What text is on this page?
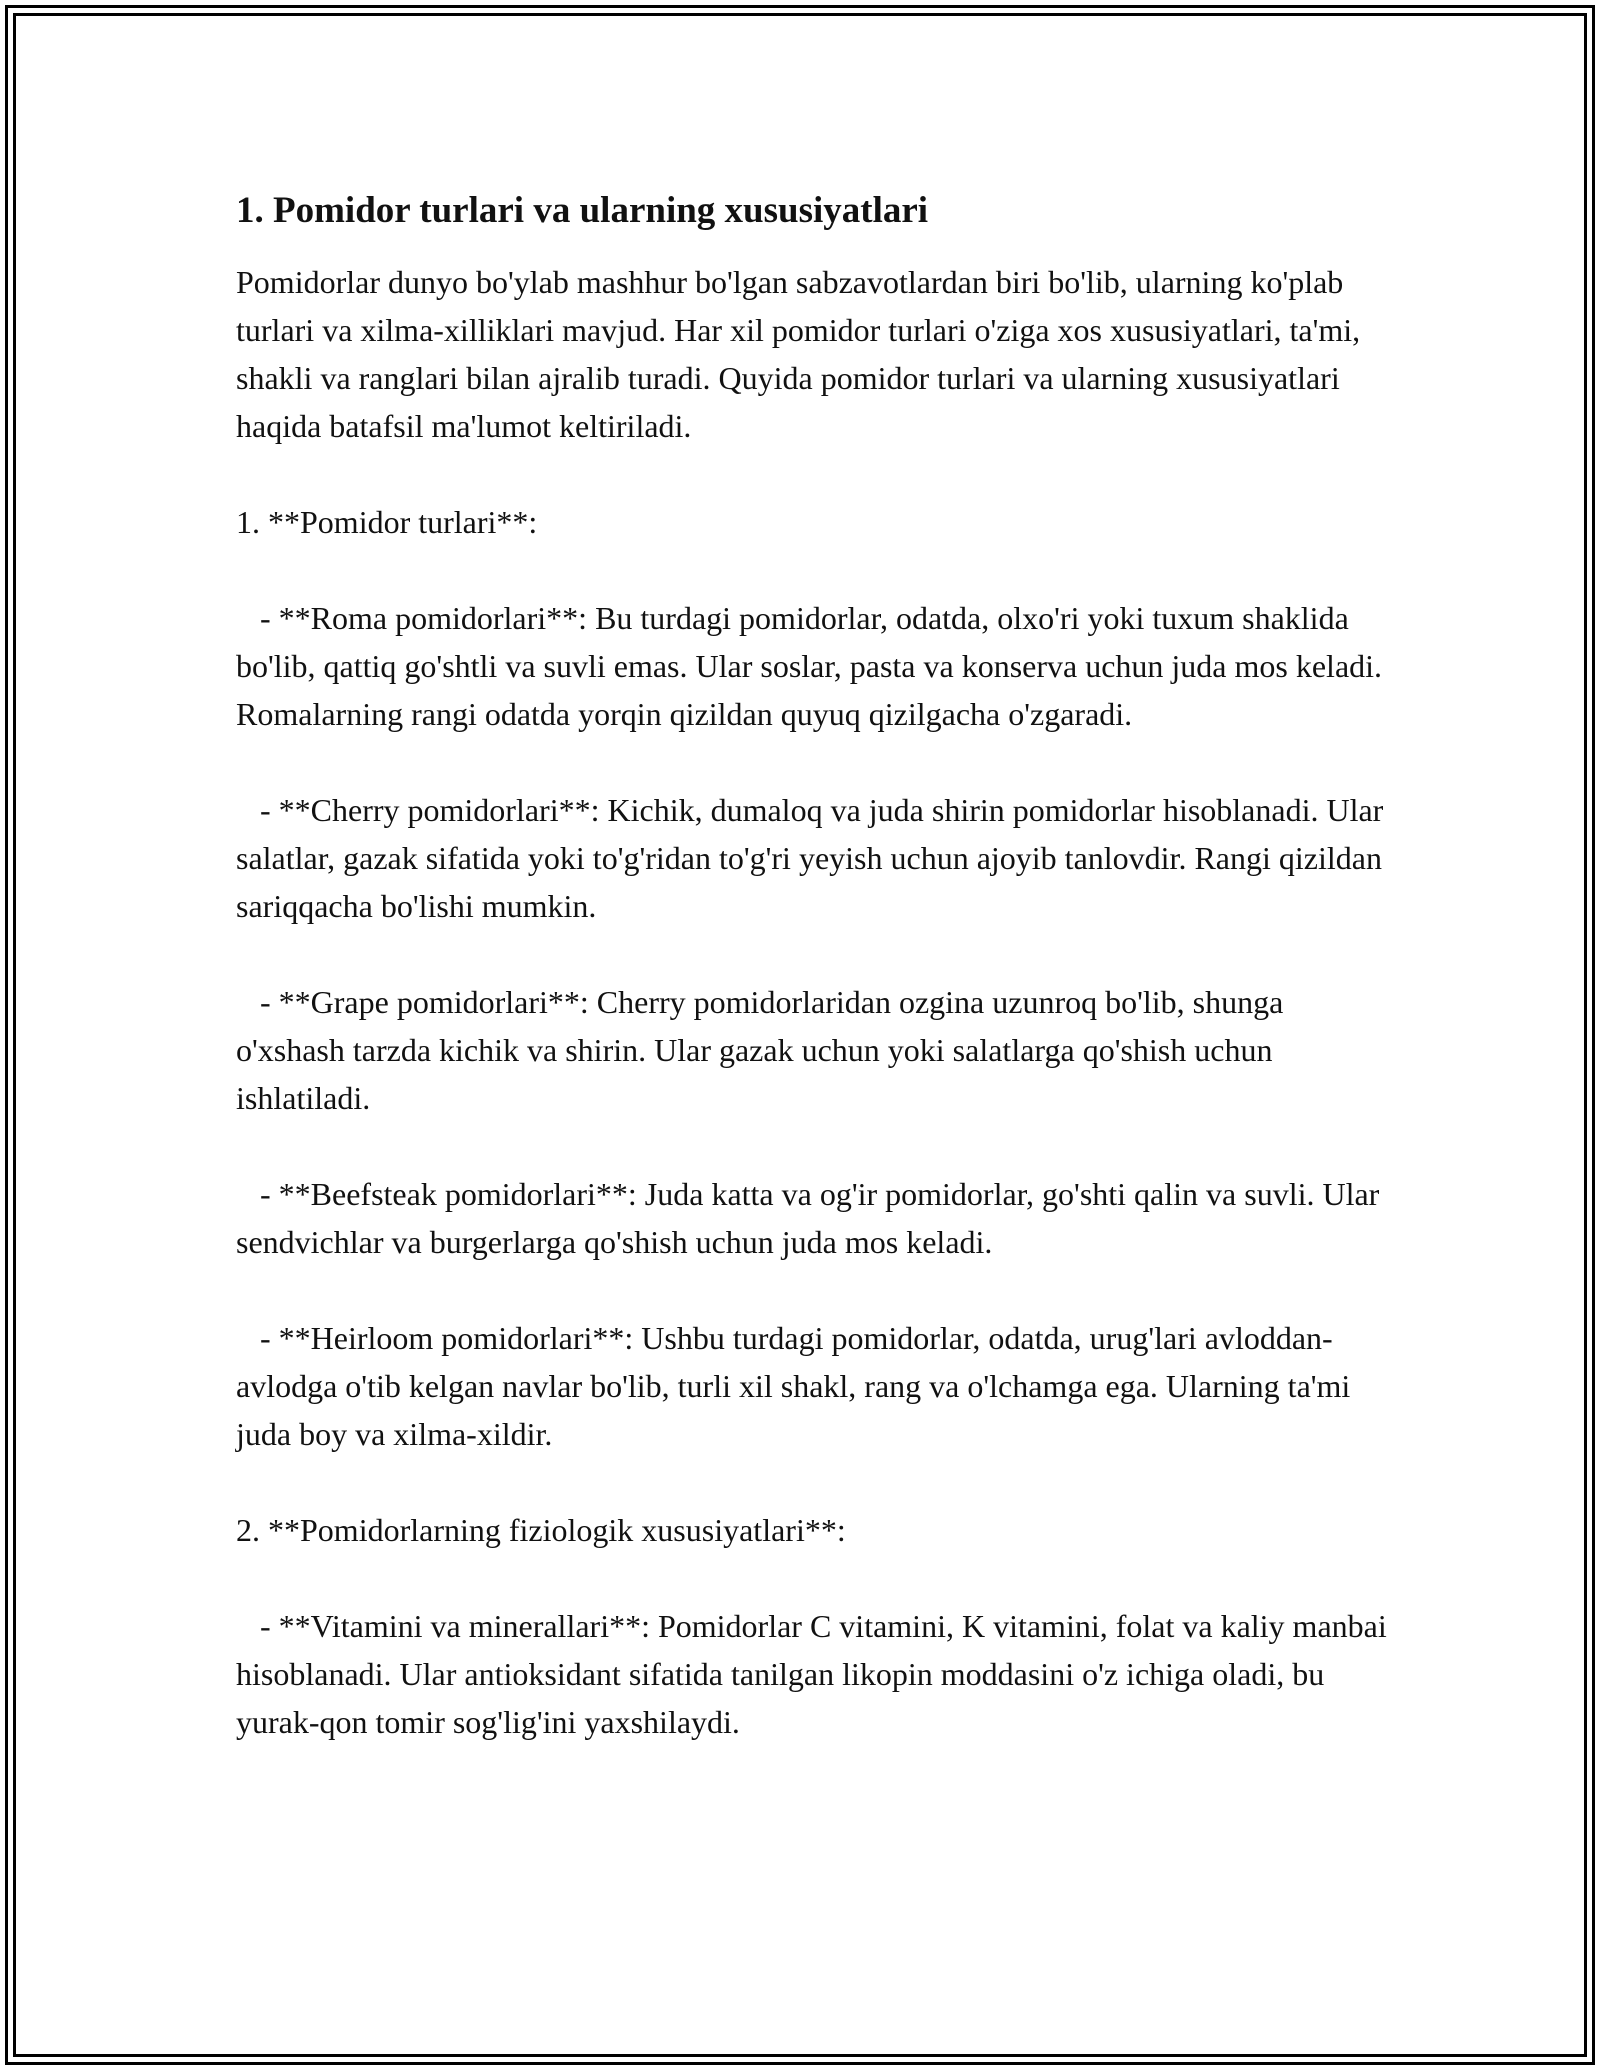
1. Pomidor turlari va ularning xususiyatlari

Pomidorlar dunyo bo'ylab mashhur bo'lgan sabzavotlardan biri bo'lib, ularning ko'plab turlari va xilma-xilliklari mavjud. Har xil pomidor turlari o'ziga xos xususiyatlari, ta'mi, shakli va ranglari bilan ajralib turadi. Quyida pomidor turlari va ularning xususiyatlari haqida batafsil ma'lumot keltiriladi.

1. **Pomidor turlari**:

- **Roma pomidorlari**: Bu turdagi pomidorlar, odatda, olxo'ri yoki tuxum shaklida bo'lib, qattiq go'shtli va suvli emas. Ular soslar, pasta va konserva uchun juda mos keladi. Romalarning rangi odatda yorqin qizildan quyuq qizilgacha o'zgaradi.

- **Cherry pomidorlari**: Kichik, dumaloq va juda shirin pomidorlar hisoblanadi. Ular salatlar, gazak sifatida yoki to'g'ridan to'g'ri yeyish uchun ajoyib tanlovdir. Rangi qizildan sariqqacha bo'lishi mumkin.

- **Grape pomidorlari**: Cherry pomidorlaridan ozgina uzunroq bo'lib, shunga o'xshash tarzda kichik va shirin. Ular gazak uchun yoki salatlarga qo'shish uchun ishlatiladi.

- **Beefsteak pomidorlari**: Juda katta va og'ir pomidorlar, go'shti qalin va suvli. Ular sendvichlar va burgerlarga qo'shish uchun juda mos keladi.

- **Heirloom pomidorlari**: Ushbu turdagi pomidorlar, odatda, urug'lari avloddan-avlodga o'tib kelgan navlar bo'lib, turli xil shakl, rang va o'lchamga ega. Ularning ta'mi juda boy va xilma-xildir.

2. **Pomidorlarning fiziologik xususiyatlari**:

- **Vitamini va minerallari**: Pomidorlar C vitamini, K vitamini, folat va kaliy manbai hisoblanadi. Ular antioksidant sifatida tanilgan likopin moddasini o'z ichiga oladi, bu yurak-qon tomir sog'lig'ini yaxshilaydi.
